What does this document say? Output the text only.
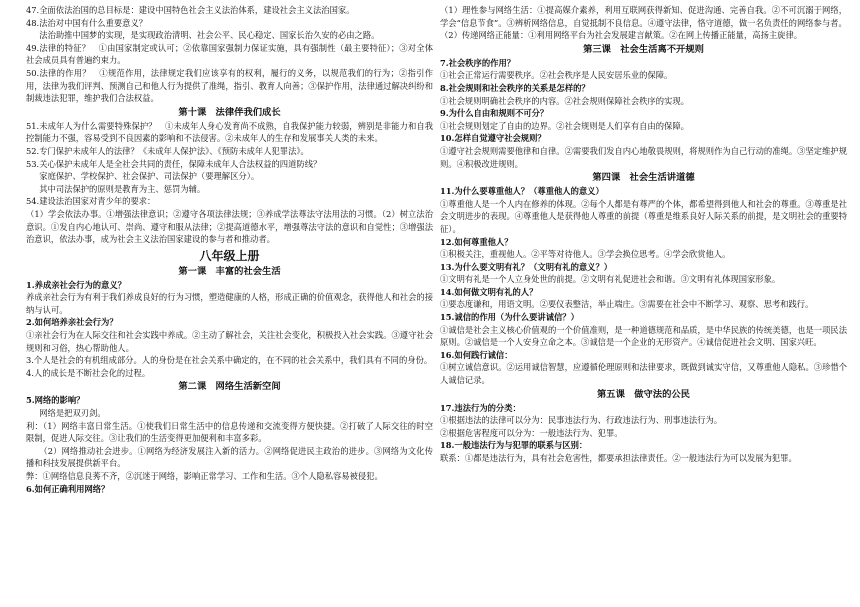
47.全面依法治国的总目标是：建设中国特色社会主义法治体系，建设社会主义法治国家。

48.法治对中国有什么重要意义？

法治助推中国梦的实现，是实现政治清明、社会公平、民心稳定、国家长治久安的必由之路。

49.法律的特征？　①由国家制定或认可；②依靠国家强制力保证实施，具有强制性（最主要特征）；③对全体社会成员具有普遍约束力。

50.法律的作用？　①规范作用，法律规定我们应该享有的权利，履行的义务，以规范我们的行为；②指引作用，法律为我们评判、预测自己和他人行为提供了准绳，指引、教育人向善；③保护作用，法律通过解决纠纷和制裁违法犯罪，维护我们合法权益。

第十课　法律伴我们成长

51.未成年人为什么需要特殊保护？　①未成年人身心发育尚不成熟，自我保护能力较弱，辨别是非能力和自我控制能力不强，容易受到不良因素的影响和不法侵害。②未成年人的生存和发展事关人类的未来。

52.专门保护未成年人的法律？《未成年人保护法》、《预防未成年人犯罪法》。

53.关心保护未成年人是全社会共同的责任，保障未成年人合法权益的四道防线？

家庭保护、学校保护、社会保护、司法保护（要理解区分）。

其中司法保护的原则是教育为主、惩罚为辅。

54.建设法治国家对青少年的要求：

（1）学会依法办事。①增强法律意识；②遵守各项法律法规；③养成学法尊法守法用法的习惯。（2）树立法治意识。①发自内心地认可、崇尚、遵守和服从法律；②提高道德水平，增强尊法守法的意识和自觉性；③增强法治意识，依法办事，成为社会主义法治国家建设的参与者和推动者。

八年级上册
第一课　丰富的社会生活

1.养成亲社会行为的意义？

养成亲社会行为有利于我们养成良好的行为习惯，塑造健康的人格，形成正确的价值观念，获得他人和社会的接纳与认可。

2.如何培养亲社会行为？

①亲社会行为在人际交往和社会实践中养成。②主动了解社会，关注社会变化，积极投入社会实践。③遵守社会规则和习俗，热心帮助他人。

3.个人是社会的有机组成部分。人的身份是在社会关系中确定的，在不同的社会关系中，我们具有不同的身份。

4.人的成长是不断社会化的过程。

第二课　网络生活新空间

5.网络的影响？

网络是把双刃剑。

利：（1）网络丰富日常生活。①使我们日常生活中的信息传递和交流变得方便快捷。②打破了人际交往的时空限制，促进人际交往。③让我们的生活变得更加便利和丰富多彩。

（2）网络推动社会进步。①网络为经济发展注入新的活力。②网络促进民主政治的进步。③网络为文化传播和科技发展提供新平台。

弊：①网络信息良莠不齐，②沉迷于网络，影响正常学习、工作和生活。③个人隐私容易被侵犯。

6.如何正确利用网络？

（1）理性参与网络生活：①提高媒介素养，利用互联网获得新知、促进沟通、完善自我。②不可沉溺于网络，学会“信息节食”。③辨析网络信息，自觉抵制不良信息。④遵守法律，恪守道德，做一名负责任的网络参与者。

（2）传递网络正能量：①利用网络平台为社会发展建言献策。②在网上传播正能量，高扬主旋律。

第三课　社会生活离不开规则

7.社会秩序的作用？

①社会正常运行需要秩序。②社会秩序是人民安居乐业的保障。

8.社会规则和社会秩序的关系是怎样的？

①社会规则明确社会秩序的内容。②社会规则保障社会秩序的实现。

9.为什么自由和规则不可分？

①社会规则划定了自由的边界。②社会规则是人们享有自由的保障。

10.怎样自觉遵守社会规则？

①遵守社会规则需要他律和自律。②需要我们发自内心地敬畏规则，将规则作为自己行动的准绳。③坚定维护规则。④积极改进规则。

第四课　社会生活讲道德

11.为什么要尊重他人？（尊重他人的意义）

①尊重他人是一个人内在修养的体现。②每个人都是有尊严的个体，都希望得到他人和社会的尊重。③尊重是社会文明进步的表现。④尊重他人是获得他人尊重的前提（尊重是维系良好人际关系的前提，是文明社会的重要特征）。

12.如何尊重他人？

①积极关注，重视他人。②平等对待他人。③学会换位思考。④学会欣赏他人。

13.为什么要文明有礼？（文明有礼的意义？）

①文明有礼是一个人立身处世的前提。②文明有礼促进社会和谐。③文明有礼体现国家形象。

14.如何做文明有礼的人？

①要态度谦和，用语文明。②要仪表整洁，举止端庄。③需要在社会中不断学习、观察、思考和践行。

15.诚信的作用（为什么要讲诚信？）

①诚信是社会主义核心价值观的一个价值准则，是一种道德规范和品质，是中华民族的传统美德，也是一项民法原则。②诚信是一个人安身立命之本。③诚信是一个企业的无形资产。④诚信促进社会文明、国家兴旺。

16.如何践行诚信：

①树立诚信意识。②运用诚信智慧，应遵循伦理原则和法律要求，既做到诚实守信，又尊重他人隐私。③珍惜个人诚信记录。

第五课　做守法的公民

17.违法行为的分类：

①根据违法的法律可以分为：民事违法行为、行政违法行为、刑事违法行为。

②根据危害程度可以分为：一般违法行为、犯罪。

18.一般违法行为与犯罪的联系与区别：

联系：①都是违法行为，具有社会危害性，都要承担法律责任。②一般违法行为可以发展为犯罪。
